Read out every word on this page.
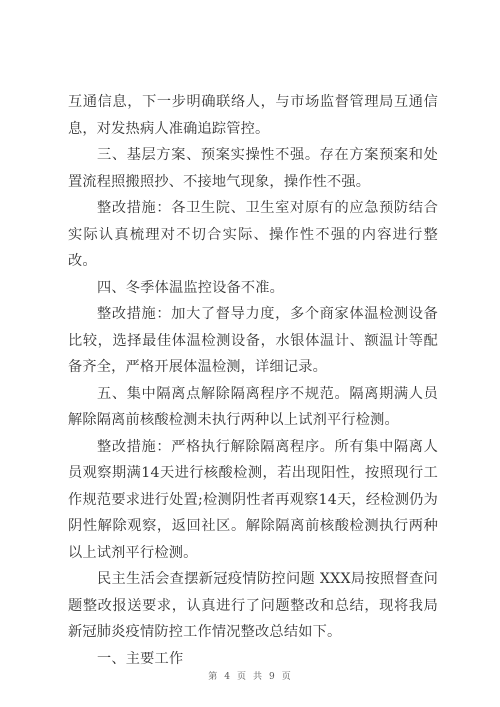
互通信息，下一步明确联络人，与市场监督管理局互通信息，对发热病人准确追踪管控。

三、基层方案、预案实操性不强。存在方案预案和处置流程照搬照抄、不接地气现象，操作性不强。

整改措施：各卫生院、卫生室对原有的应急预防结合实际认真梳理对不切合实际、操作性不强的内容进行整改。

四、冬季体温监控设备不准。

整改措施：加大了督导力度，多个商家体温检测设备比较，选择最佳体温检测设备，水银体温计、额温计等配备齐全，严格开展体温检测，详细记录。

五、集中隔离点解除隔离程序不规范。隔离期满人员解除隔离前核酸检测未执行两种以上试剂平行检测。

整改措施：严格执行解除隔离程序。所有集中隔离人员观察期满14天进行核酸检测，若出现阳性，按照现行工作规范要求进行处置;检测阴性者再观察14天，经检测仍为阴性解除观察，返回社区。解除隔离前核酸检测执行两种以上试剂平行检测。

民主生活会查摆新冠疫情防控问题 XXX局按照督查问题整改报送要求，认真进行了问题整改和总结，现将我局新冠肺炎疫情防控工作情况整改总结如下。

一、主要工作

第 4 页 共 9 页
